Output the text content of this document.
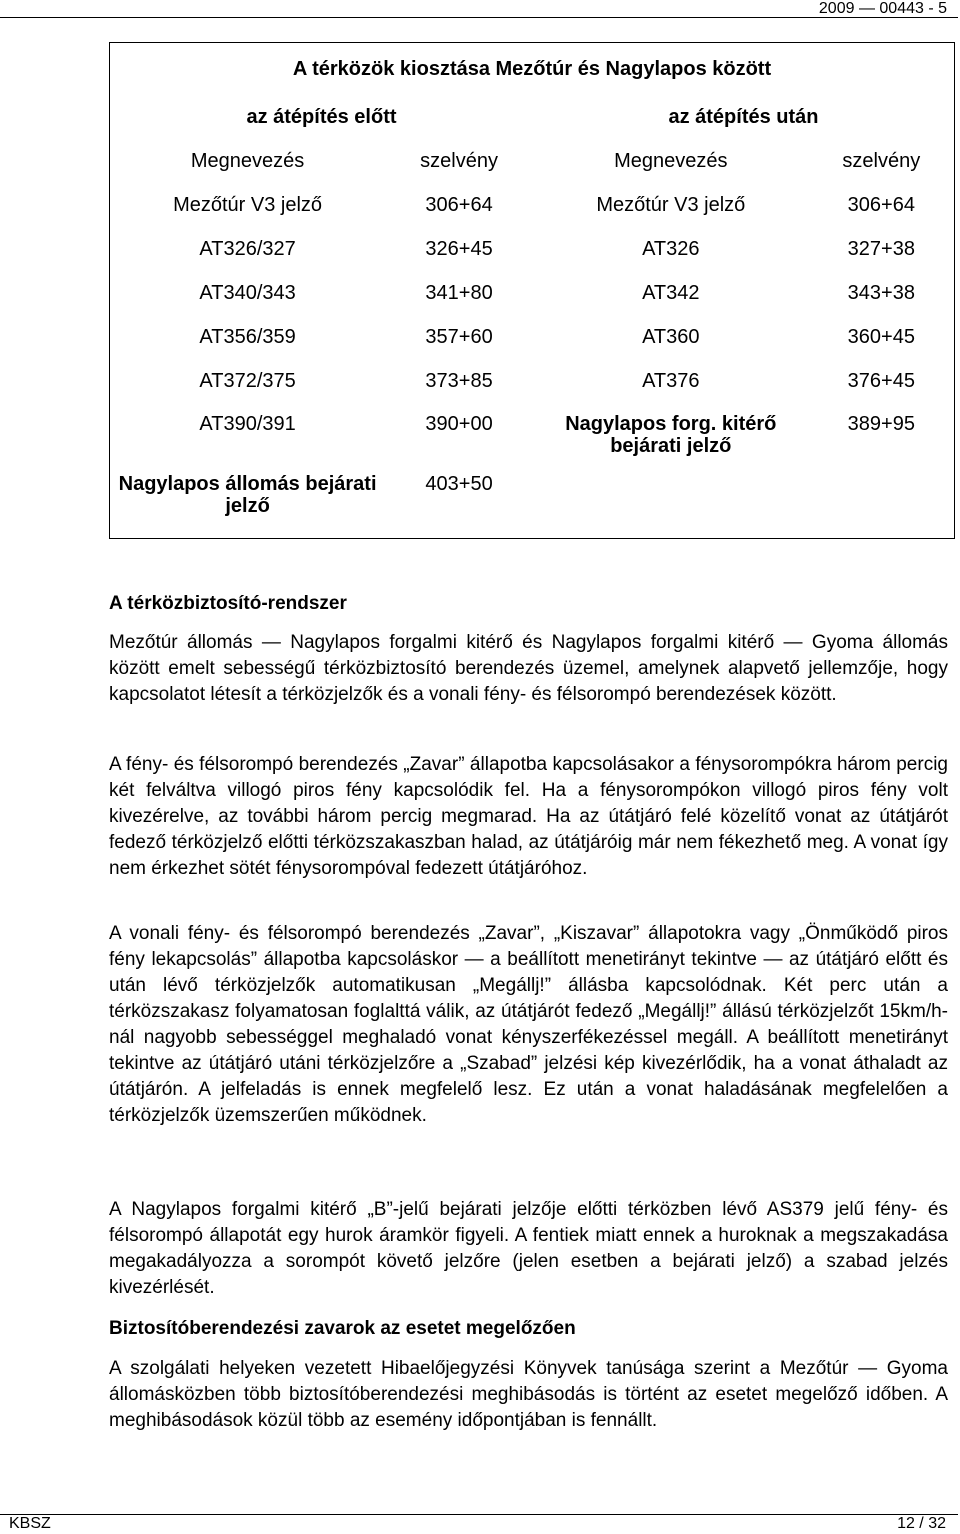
2009 — 00443 - 5
A térközök kiosztása Mezőtúr és Nagylapos között			
az átépítés előtt		az átépítés után	
Megnevezés	szelvény	Megnevezés	szelvény
Mezőtúr V3 jelző	306+64	Mezőtúr V3 jelző	306+64
AT326/327	326+45	AT326	327+38
AT340/343	341+80	AT342	343+38
AT356/359	357+60	AT360	360+45
AT372/375	373+85	AT376	376+45
AT390/391	390+00	Nagylapos forg. kitérő bejárati jelző	389+95
Nagylapos állomás bejárati jelző	403+50		

A térközbiztosító-rendszer

Mezőtúr állomás — Nagylapos forgalmi kitérő és Nagylapos forgalmi kitérő — Gyoma állomás között emelt sebességű térközbiztosító berendezés üzemel, amelynek alapvető jellemzője, hogy kapcsolatot létesít a térközjelzők és a vonali fény- és félsorompó berendezések között.

A fény- és félsorompó berendezés „Zavar” állapotba kapcsolásakor a fénysorompókra három percig két felváltva villogó piros fény kapcsolódik fel. Ha a fénysorompókon villogó piros fény volt kivezérelve, az további három percig megmarad. Ha az útátjáró felé közelítő vonat az útátjárót fedező térközjelző előtti térközszakaszban halad, az útátjáróig már nem fékezhető meg. A vonat így nem érkezhet sötét fénysorompóval fedezett útátjáróhoz.

A vonali fény- és félsorompó berendezés „Zavar”, „Kiszavar” állapotokra vagy „Önműködő piros fény lekapcsolás” állapotba kapcsoláskor — a beállított menetirányt tekintve — az útátjáró előtt és után lévő térközjelzők automatikusan „Megállj!” állásba kapcsolódnak. Két perc után a térközszakasz folyamatosan foglalttá válik, az útátjárót fedező „Megállj!” állású térközjelzőt 15km/h-nál nagyobb sebességgel meghaladó vonat kényszerfékezéssel megáll. A beállított menetirányt tekintve az útátjáró utáni térközjelzőre a „Szabad” jelzési kép kivezérlődik, ha a vonat áthaladt az útátjárón. A jelfeladás is ennek megfelelő lesz. Ez után a vonat haladásának megfelelően a térközjelzők üzemszerűen működnek.

A Nagylapos forgalmi kitérő „B”-jelű bejárati jelzője előtti térközben lévő AS379 jelű fény- és félsorompó állapotát egy hurok áramkör figyeli. A fentiek miatt ennek a huroknak a megszakadása megakadályozza a sorompót követő jelzőre (jelen esetben a bejárati jelző) a szabad jelzés kivezérlését.

Biztosítóberendezési zavarok az esetet megelőzően

A szolgálati helyeken vezetett Hibaelőjegyzési Könyvek tanúsága szerint a Mezőtúr — Gyoma állomásközben több biztosítóberendezési meghibásodás is történt az esetet megelőző időben. A meghibásodások közül több az esemény időpontjában is fennállt.

KBSZ	12 / 32
